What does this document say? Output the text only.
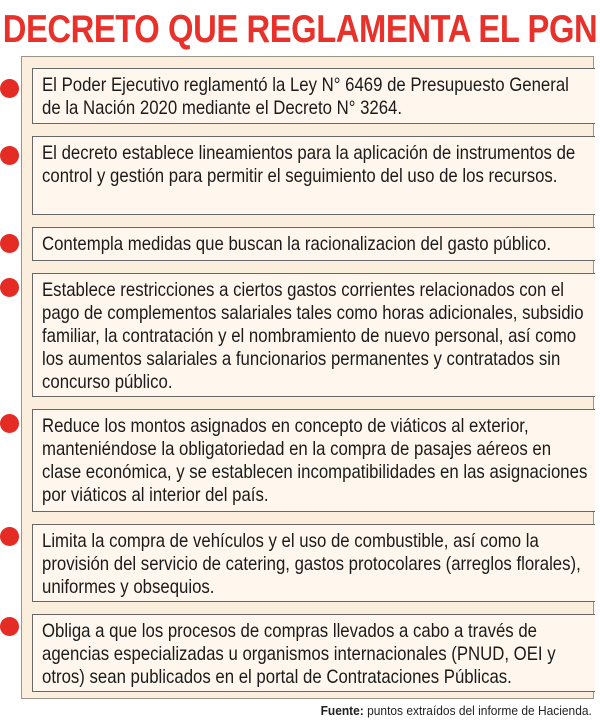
DECRETO QUE REGLAMENTA EL PGN
El Poder Ejecutivo reglamentó la Ley N° 6469 de Presupuesto General de la Nación 2020 mediante el Decreto N° 3264.
El decreto establece lineamientos para la aplicación de instrumentos de control y gestión para permitir el seguimiento del uso de los recursos.
Contempla medidas que buscan la racionalizacion del gasto público.
Establece restricciones a ciertos gastos corrientes relacionados con el pago de complementos salariales tales como horas adicionales, subsidio familiar, la contratación y el nombramiento de nuevo personal, así como los aumentos salariales a funcionarios permanentes y contratados sin concurso público.
Reduce los montos asignados en concepto de viáticos al exterior, manteniéndose la obligatoriedad en la compra de pasajes aéreos en clase económica, y se establecen incompatibilidades en las asignaciones por viáticos al interior del país.
Limita la compra de vehículos y el uso de combustible, así como la provisión del servicio de catering, gastos protocolares (arreglos florales), uniformes y obsequios.
Obliga a que los procesos de compras llevados a cabo a través de agencias especializadas u organismos internacionales (PNUD, OEI y otros) sean publicados en el portal de Contrataciones Públicas.
Fuente: puntos extraídos del informe de Hacienda.
